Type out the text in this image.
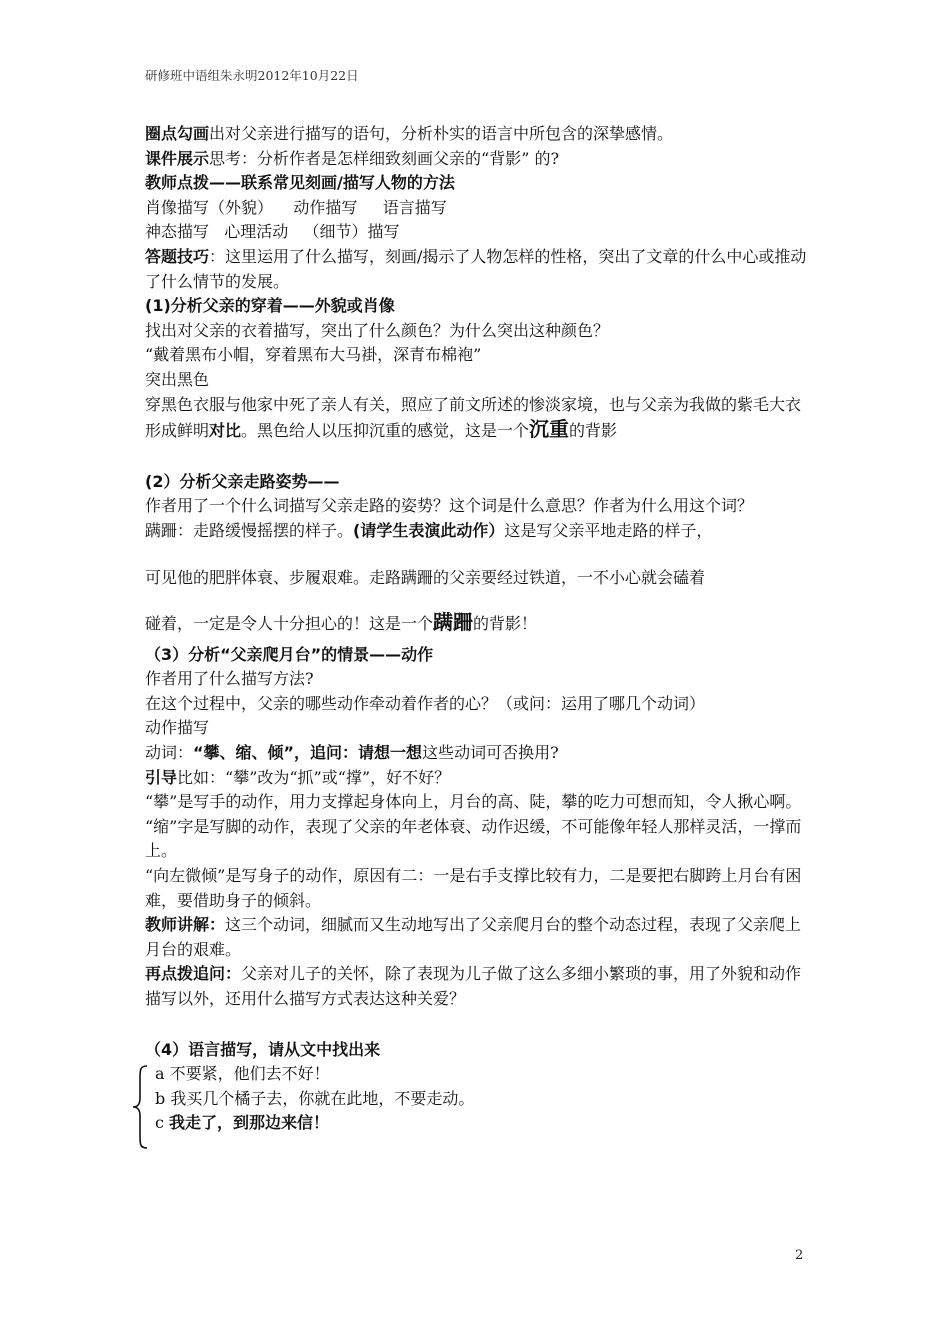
研修班中语组朱永明2012年10月22日

圈点勾画出对父亲进行描写的语句，分析朴实的语言中所包含的深挚感情。

课件展示思考：分析作者是怎样细致刻画父亲的“背影” 的?

教师点拨——联系常见刻画/描写人物的方法

肖像描写（外貌）    动作描写     语言描写

神态描写   心理活动   （细节）描写

答题技巧：这里运用了什么描写，刻画/揭示了人物怎样的性格，突出了文章的什么中心或推动了什么情节的发展。

(1)分析父亲的穿着——外貌或肖像

找出对父亲的衣着描写，突出了什么颜色？为什么突出这种颜色？

“戴着黑布小帽，穿着黑布大马褂，深青布棉袍”

突出黑色

穿黑色衣服与他家中死了亲人有关，照应了前文所述的惨淡家境，也与父亲为我做的紫毛大衣形成鲜明对比。黑色给人以压抑沉重的感觉，这是一个沉重的背影

(2）分析父亲走路姿势——

作者用了一个什么词描写父亲走路的姿势？这个词是什么意思？作者为什么用这个词？

蹒跚：走路缓慢摇摆的样子。(请学生表演此动作）这是写父亲平地走路的样子，

可见他的肥胖体衰、步履艰难。走路蹒跚的父亲要经过铁道，一不小心就会磕着

碰着，一定是令人十分担心的！这是一个蹒跚的背影！

（3）分析“父亲爬月台”的情景——动作

作者用了什么描写方法?

在这个过程中，父亲的哪些动作牵动着作者的心？（或问：运用了哪几个动词）

动作描写

动词：“攀、缩、倾”，追问：请想一想这些动词可否换用?

引导比如：“攀”改为“抓”或“撑”，好不好？

“攀”是写手的动作，用力支撑起身体向上，月台的高、陡，攀的吃力可想而知，令人揪心啊。

“缩”字是写脚的动作，表现了父亲的年老体衰、动作迟缓，不可能像年轻人那样灵活，一撑而上。

“向左微倾”是写身子的动作，原因有二：一是右手支撑比较有力，二是要把右脚跨上月台有困难，要借助身子的倾斜。

教师讲解：这三个动词，细腻而又生动地写出了父亲爬月台的整个动态过程，表现了父亲爬上月台的艰难。

再点拨追问：父亲对儿子的关怀，除了表现为儿子做了这么多细小繁琐的事，用了外貌和动作描写以外，还用什么描写方式表达这种关爱？

（4）语言描写，请从文中找出来

a 不要紧，他们去不好！

b 我买几个橘子去，你就在此地，不要走动。

c 我走了，到那边来信！

2
